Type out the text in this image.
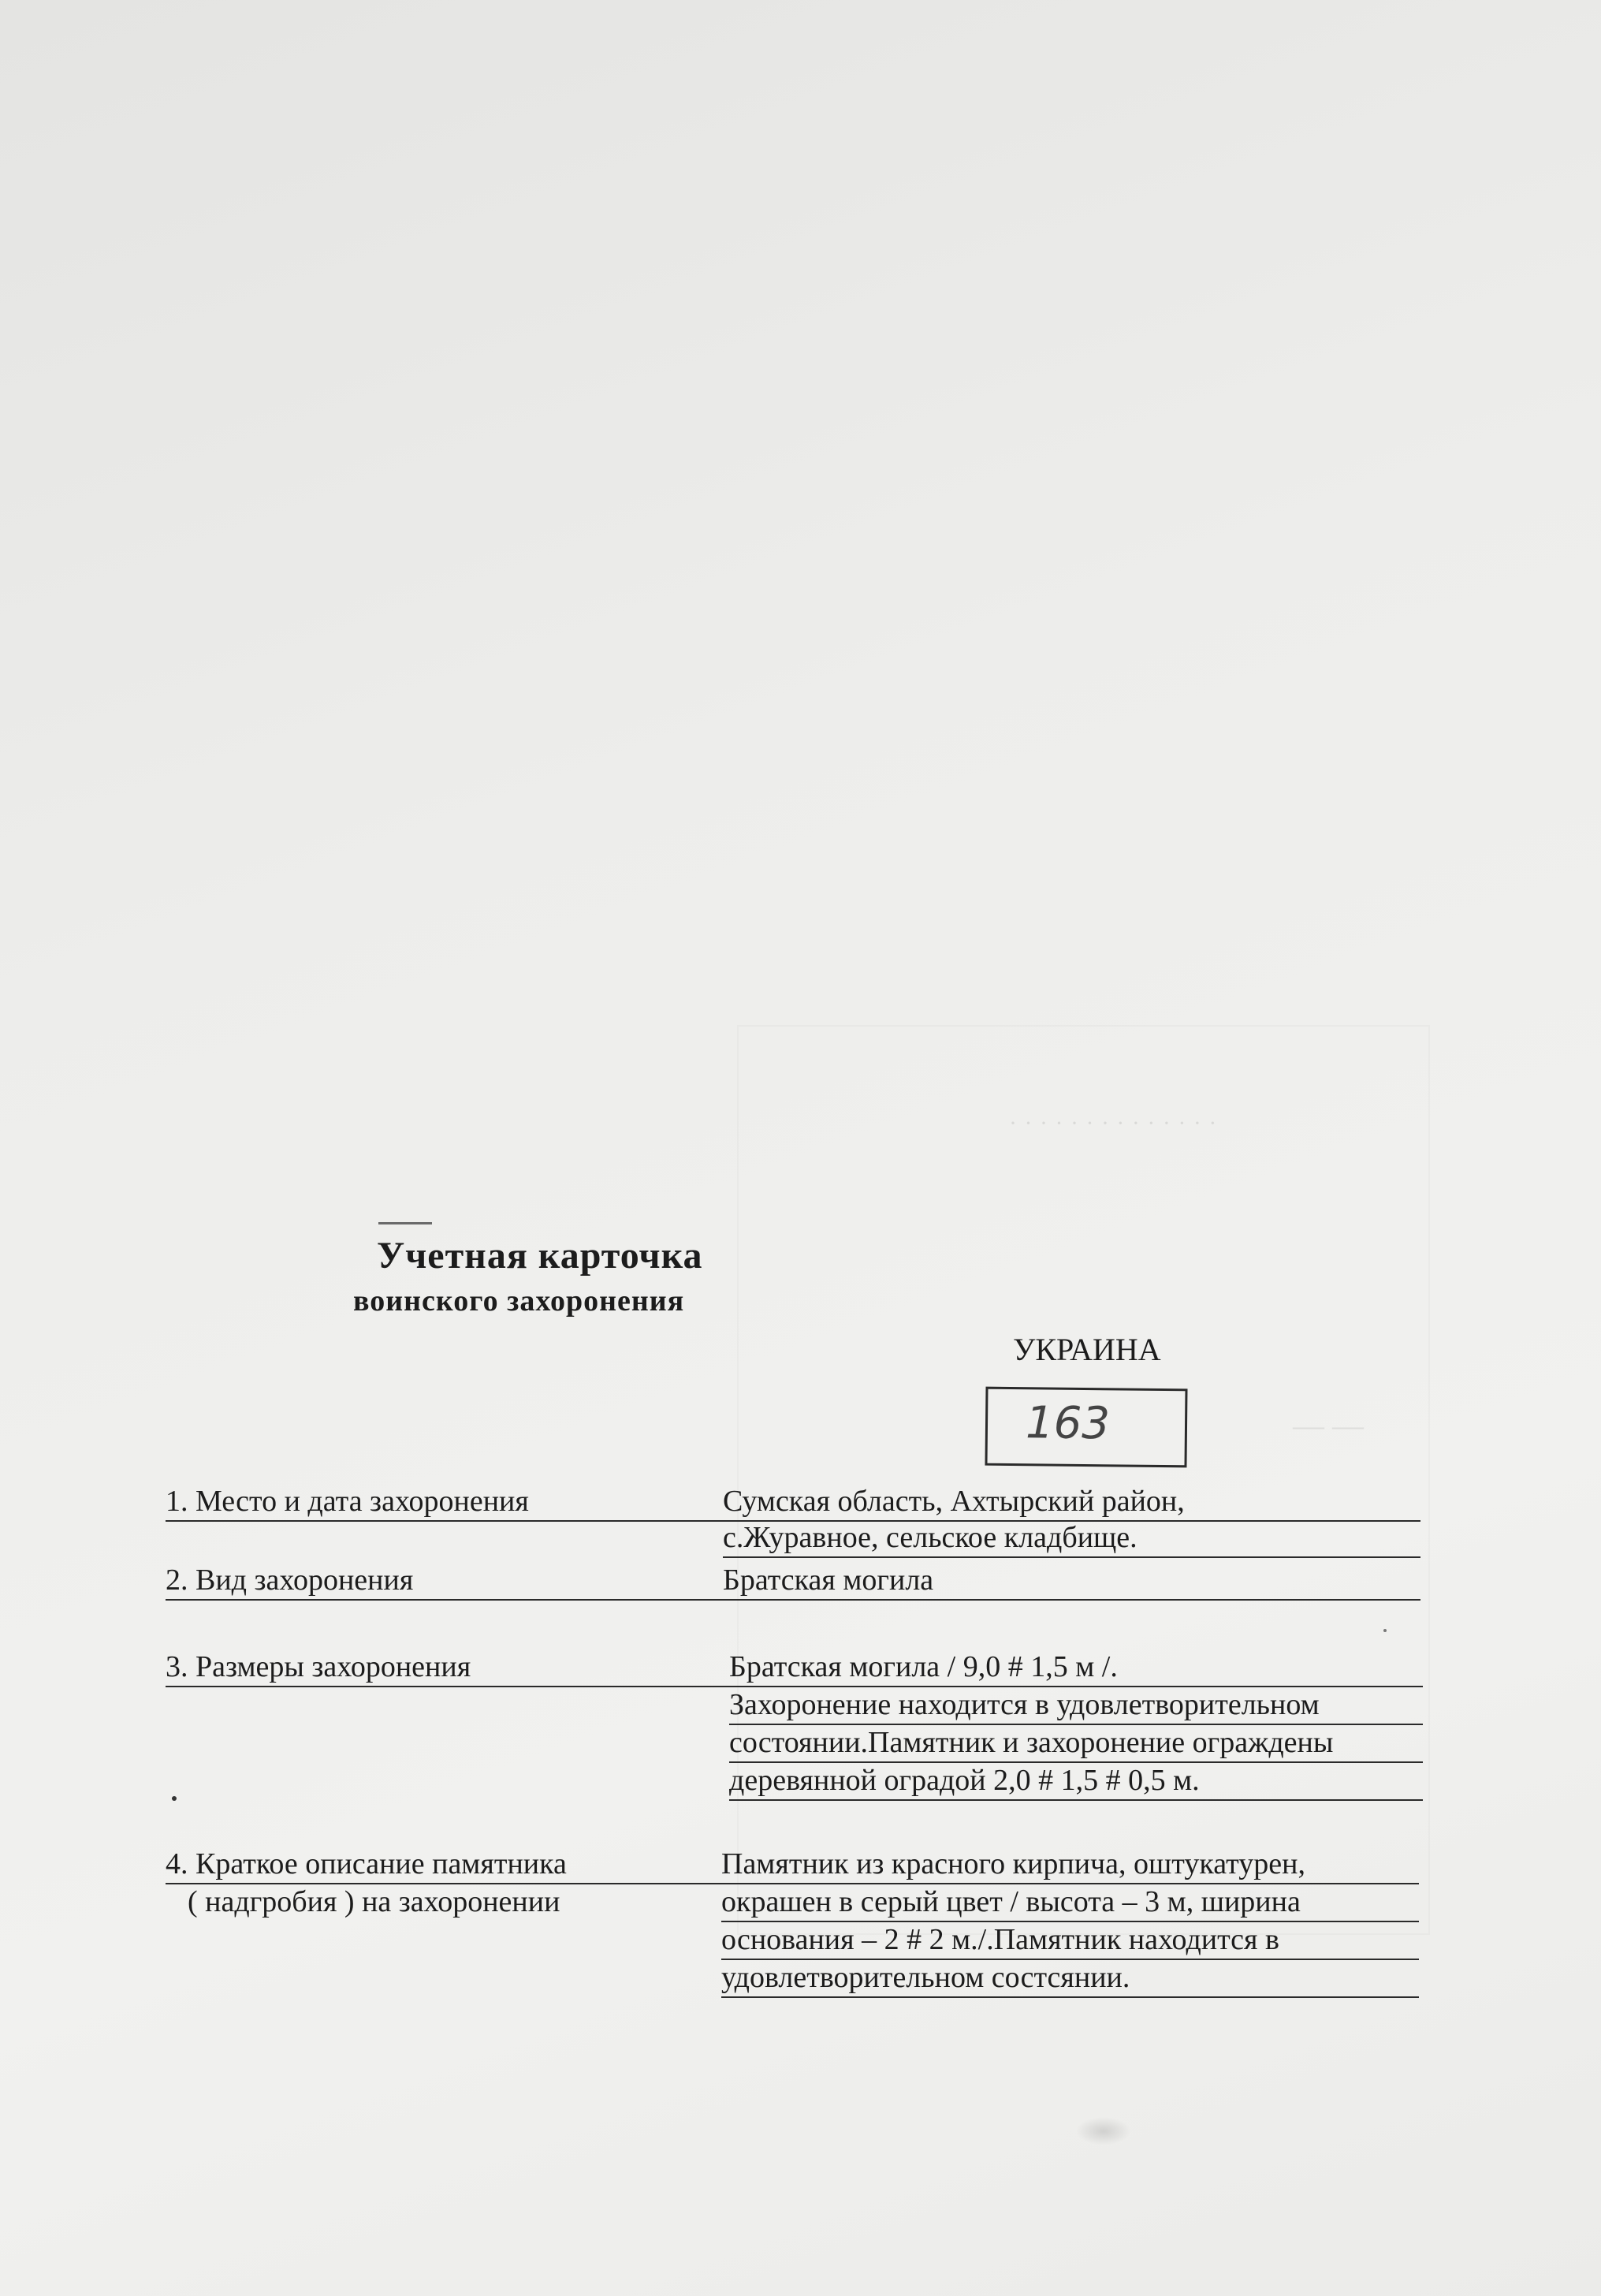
· · · · · · · · · · · · · ·
Учетная карточка
воинского захоронения
УКРАИНА
163	— —
1. Место и дата захоронения	Сумская область, Ахтырский район,
с.Журавное, сельское кладбище.
2. Вид захоронения	Братская могила
3. Размеры захоронения	Братская могила / 9,0 # 1,5 м /.
Захоронение находится в удовлетворительном
состоянии.Памятник и захоронение ограждены
деревянной оградой 2,0 # 1,5 # 0,5 м.
4. Краткое описание памятника	Памятник из красного кирпича, оштукатурен,
( надгробия ) на захоронении	окрашен в серый цвет / высота – 3 м, ширина
основания – 2 # 2 м./.Памятник находится в
удовлетворительном состсянии.
